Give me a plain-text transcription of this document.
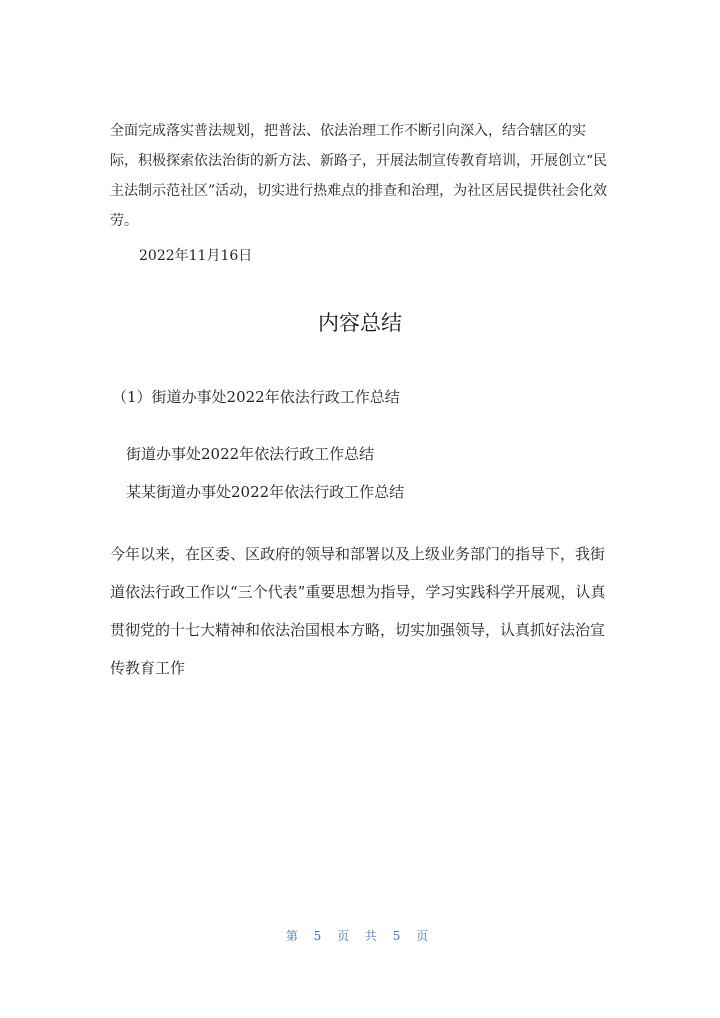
全面完成落实普法规划，把普法、依法治理工作不断引向深入，结合辖区的实际，积极探索依法治街的新方法、新路子，开展法制宣传教育培训，开展创立“民主法制示范社区”活动，切实进行热难点的排查和治理，为社区居民提供社会化效劳。

2022年11月16日
内容总结
（1）街道办事处2022年依法行政工作总结
街道办事处2022年依法行政工作总结
某某街道办事处2022年依法行政工作总结

今年以来，在区委、区政府的领导和部署以及上级业务部门的指导下，我街道依法行政工作以“三个代表”重要思想为指导，学习实践科学开展观，认真贯彻党的十七大精神和依法治国根本方略，切实加强领导，认真抓好法治宣传教育工作

第 5 页 共 5 页
